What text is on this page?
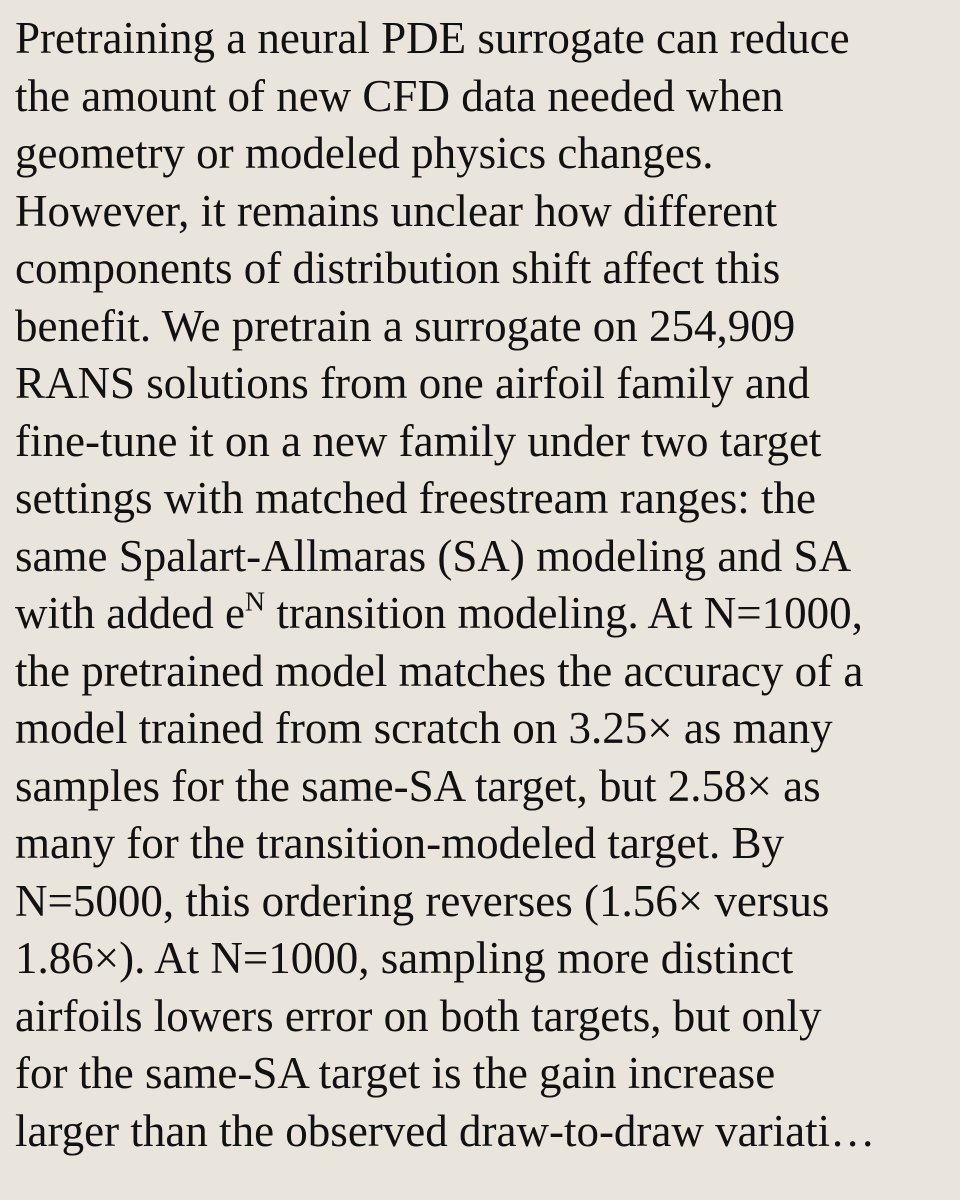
Pretraining a neural PDE surrogate can reduce
the amount of new CFD data needed when
geometry or modeled physics changes.
However, it remains unclear how different
components of distribution shift affect this
benefit. We pretrain a surrogate on 254,909
RANS solutions from one airfoil family and
fine-tune it on a new family under two target
settings with matched freestream ranges: the
same Spalart-Allmaras (SA) modeling and SA
with added $e^N$ transition modeling. At N=1000,
the pretrained model matches the accuracy of a
model trained from scratch on 3.25× as many
samples for the same-SA target, but 2.58× as
many for the transition-modeled target. By
N=5000, this ordering reverses (1.56× versus
1.86×). At N=1000, sampling more distinct
airfoils lowers error on both targets, but only
for the same-SA target is the gain increase
larger than the observed draw-to-draw variati…
